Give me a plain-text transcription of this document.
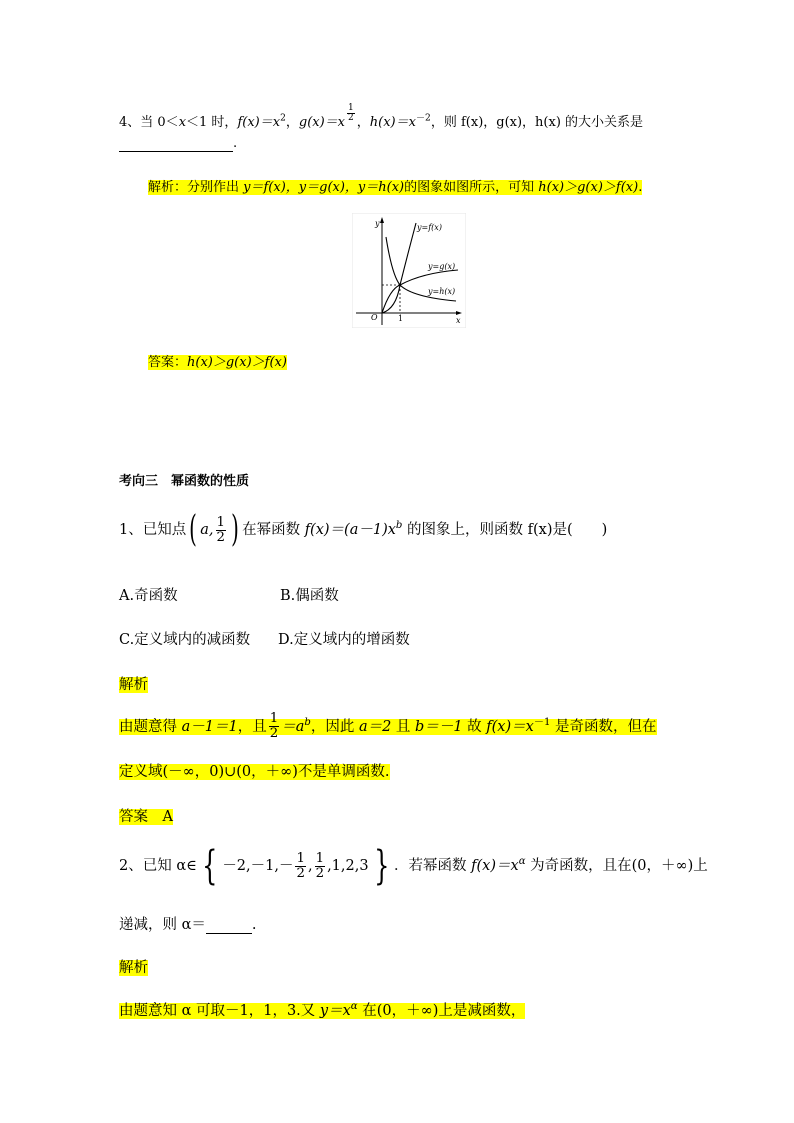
4、当 0＜x＜1 时，$f(x)=x^2$，$g(x)=x \frac{1}{2}$ ，$h(x)=x^{-2}$，则 f(x)，g(x)，h(x) 的大小关系是
.
解析：分别作出 y＝f(x)，y＝g(x)，y＝h(x)的图象如图所示，可知 h(x)＞g(x)＞f(x).
y
x
O	1
y=f(x)
y=g(x)
y=h(x)
答案：h(x)＞g(x)＞f(x)
考向三　幂函数的性质
1、已知点( a, $\frac{1}{2}$ ) 在幂函数 $f(x)=(a-1)x^b$ 的图象上，则函数 f(x)是(　　)
A.奇函数	B.偶函数
C.定义域内的减函数 D.定义域内的增函数
解析
由题意得 a－1＝1，且 $\frac{1}{2} =a^b$，因此 a＝2 且 b＝－1 故 $f(x)=x^{-1}$ 是奇函数，但在
定义域(－∞，0)∪(0，＋∞)不是单调函数.
答案　A
2、已知 α∈ { $-2,-1,- \frac{1}{2}$ , $\frac{1}{2} ,1,2,3$ } ．若幂函数 $f(x)=x^\alpha$ 为奇函数，且在(0，＋∞)上
递减，则 α＝	.
解析
由题意知 α 可取－1，1，3.又 $y=x^\alpha$ 在(0，＋∞)上是减函数，
